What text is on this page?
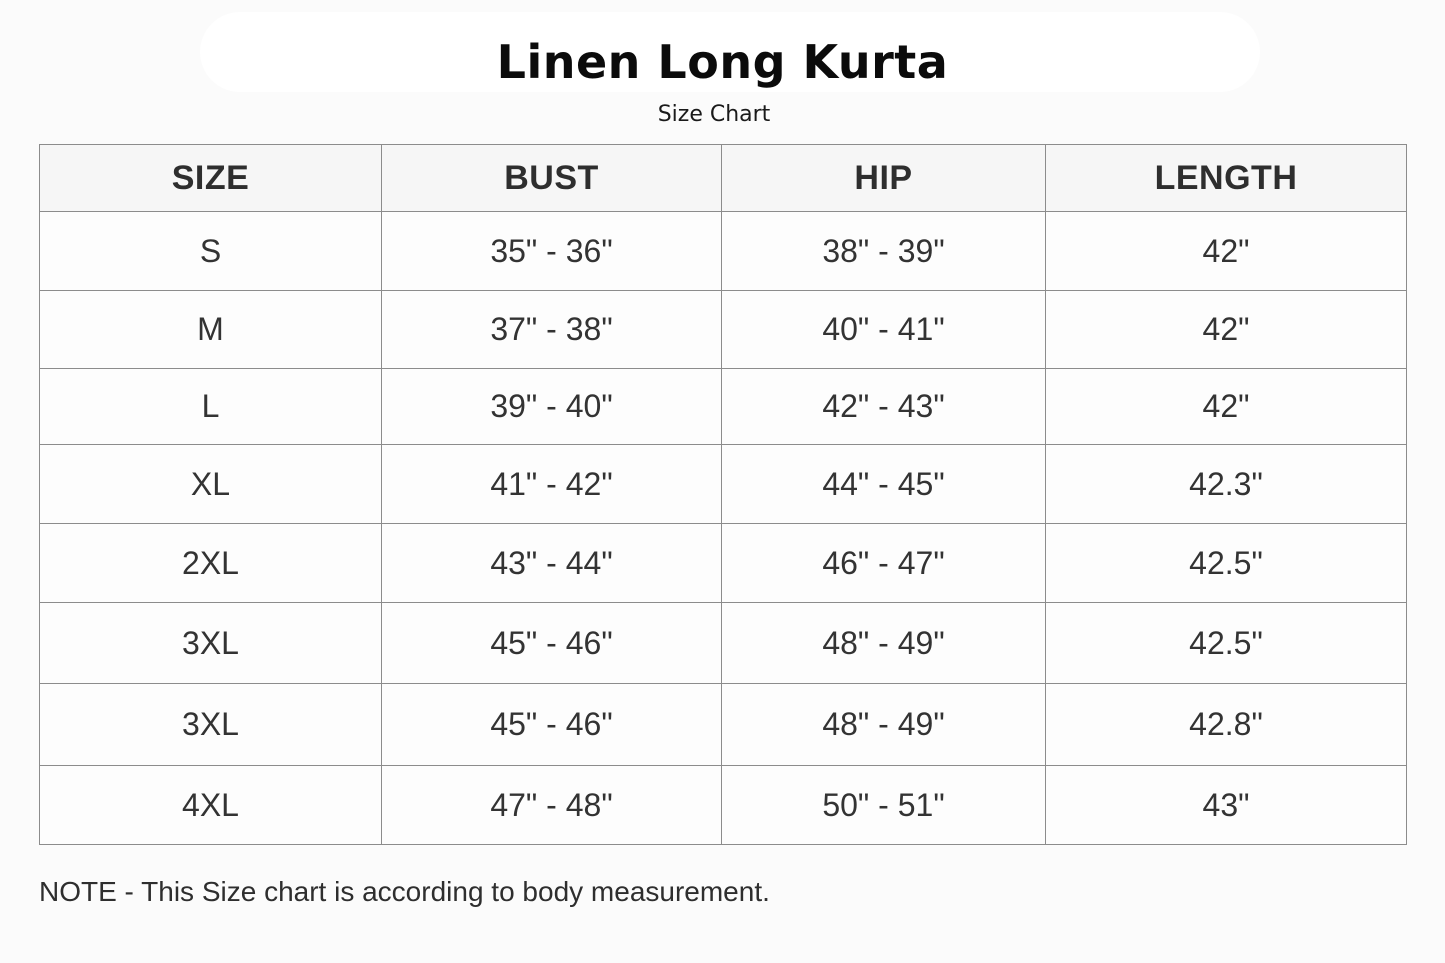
Linen Long Kurta
Size Chart
SIZE	BUST	HIP	LENGTH
S	35" - 36"	38" - 39"	42"
M	37" - 38"	40" - 41"	42"
L	39" - 40"	42" - 43"	42"
XL	41" - 42"	44" - 45"	42.3"
2XL	43" - 44"	46" - 47"	42.5"
3XL	45" - 46"	48" - 49"	42.5"
3XL	45" - 46"	48" - 49"	42.8"
4XL	47" - 48"	50" - 51"	43"
NOTE - This Size chart is according to body measurement.
